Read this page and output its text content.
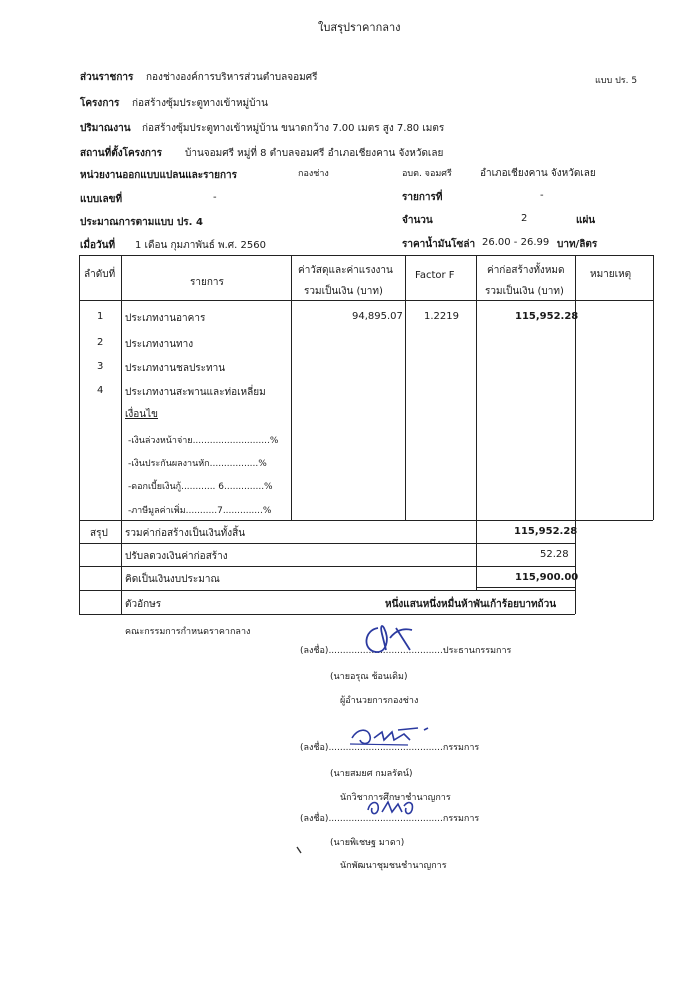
ใบสรุปราคากลาง
แบบ ปร. 5
ส่วนราชการ กองช่างองค์การบริหารส่วนตำบลจอมศรี
โครงการ ก่อสร้างซุ้มประตูทางเข้าหมู่บ้าน
ปริมาณงาน ก่อสร้างซุ้มประตูทางเข้าหมู่บ้าน ขนาดกว้าง 7.00 เมตร สูง 7.80 เมตร
สถานที่ตั้งโครงการ บ้านจอมศรี หมู่ที่ 8 ตำบลจอมศรี อำเภอเชียงคาน จังหวัดเลย
หน่วยงานออกแบบแปลนและรายการ	กองช่าง	อบต. จอมศรี	อำเภอเชียงคาน จังหวัดเลย
แบบเลขที่	-	รายการที่	-
ประมาณการตามแบบ ปร. 4	จำนวน	2	แผ่น
เมื่อวันที่ 1 เดือน กุมภาพันธ์ พ.ศ. 2560	ราคาน้ำมันโซล่า 26.00 - 26.99 บาท/ลิตร
ลำดับที่
รายการ
ค่าวัสดุและค่าแรงงาน
รวมเป็นเงิน (บาท)
Factor F	ค่าก่อสร้างทั้งหมด
รวมเป็นเงิน (บาท)
หมายเหตุ
1 ประเภทงานอาคาร	94,895.07 1.2219	115,952.28
2 ประเภทงานทาง
3 ประเภทงานชลประทาน
4 ประเภทงานสะพานและท่อเหลี่ยม
เงื่อนไข
-เงินล่วงหน้าจ่าย...........................%
-เงินประกันผลงานหัก.................%
-ดอกเบี้ยเงินกู้............ 6..............%
-ภาษีมูลค่าเพิ่ม...........7..............%
สรุป รวมค่าก่อสร้างเป็นเงินทั้งสิ้น	115,952.28
ปรับลดวงเงินค่าก่อสร้าง	52.28
คิดเป็นเงินงบประมาณ	115,900.00
ตัวอักษร	หนึ่งแสนหนึ่งหมื่นห้าพันเก้าร้อยบาทถ้วน
คณะกรรมการกำหนดราคากลาง
(ลงชื่อ)........................................ประธานกรรมการ
(นายอรุณ ช้อนเดิม)
ผู้อำนวยการกองช่าง
(ลงชื่อ)........................................กรรมการ
(นายสมยศ กมลรัตน์)
นักวิชาการศึกษาชำนาญการ
(ลงชื่อ)........................................กรรมการ
(นายพิเชษฐ มาดา)
นักพัฒนาชุมชนชำนาญการ
